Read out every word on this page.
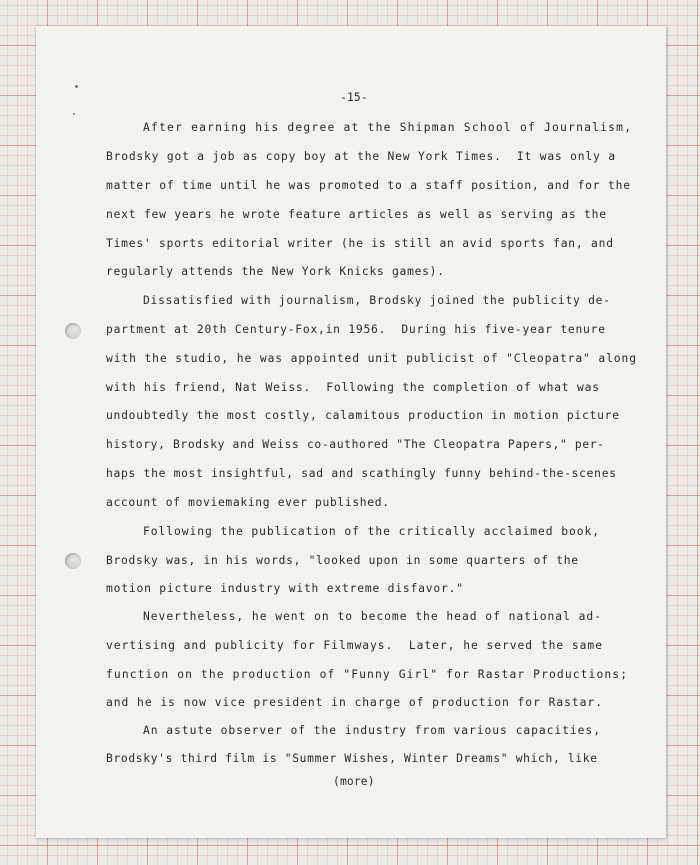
-15-
After earning his degree at the Shipman School of Journalism,
Brodsky got a job as copy boy at the New York Times.  It was only a
matter of time until he was promoted to a staff position, and for the
next few years he wrote feature articles as well as serving as the
Times' sports editorial writer (he is still an avid sports fan, and
regularly attends the New York Knicks games).
Dissatisfied with journalism, Brodsky joined the publicity de-
partment at 20th Century-Fox,in 1956.  During his five-year tenure
with the studio, he was appointed unit publicist of "Cleopatra" along
with his friend, Nat Weiss.  Following the completion of what was
undoubtedly the most costly, calamitous production in motion picture
history, Brodsky and Weiss co-authored "The Cleopatra Papers," per-
haps the most insightful, sad and scathingly funny behind-the-scenes
account of moviemaking ever published.
Following the publication of the critically acclaimed book,
Brodsky was, in his words, "looked upon in some quarters of the
motion picture industry with extreme disfavor."
Nevertheless, he went on to become the head of national ad-
vertising and publicity for Filmways.  Later, he served the same
function on the production of "Funny Girl" for Rastar Productions;
and he is now vice president in charge of production for Rastar.
An astute observer of the industry from various capacities,
Brodsky's third film is "Summer Wishes, Winter Dreams" which, like
(more)
